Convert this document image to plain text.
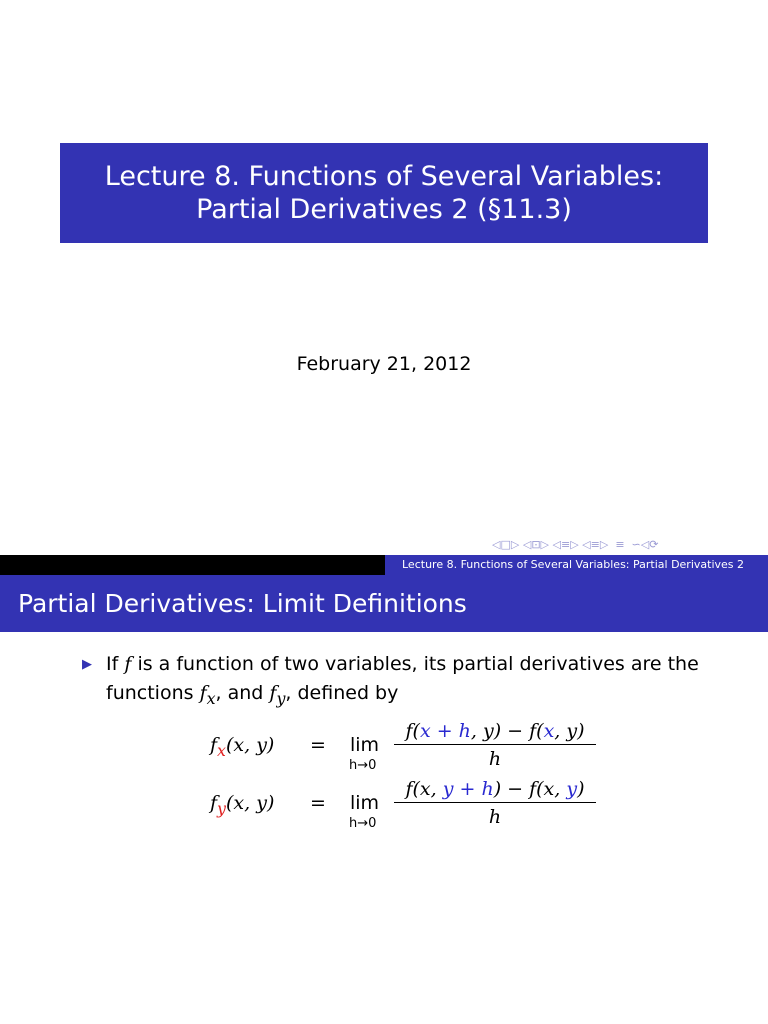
Lecture 8. Functions of Several Variables: Partial Derivatives 2 (§11.3)
February 21, 2012
◁ □ ▷
◁ ⊡ ▷
◁ ≡ ▷
◁ ≡ ▷
≡
∽ ◁ ⟳
Lecture 8. Functions of Several Variables: Partial Derivatives 2
Partial Derivatives: Limit Definitions
▶ If f is a function of two variables, its partial derivatives are the functions $f_x$, and $f_y$, defined by
$f_x(x$, y) = lim
$h\to 0 \frac{f(x + h, y) - f(x, y)}{h}$
$f_y(x$, y) = lim
$h\to 0 \frac{f(x, y + h) - f(x, y)}{h}$
